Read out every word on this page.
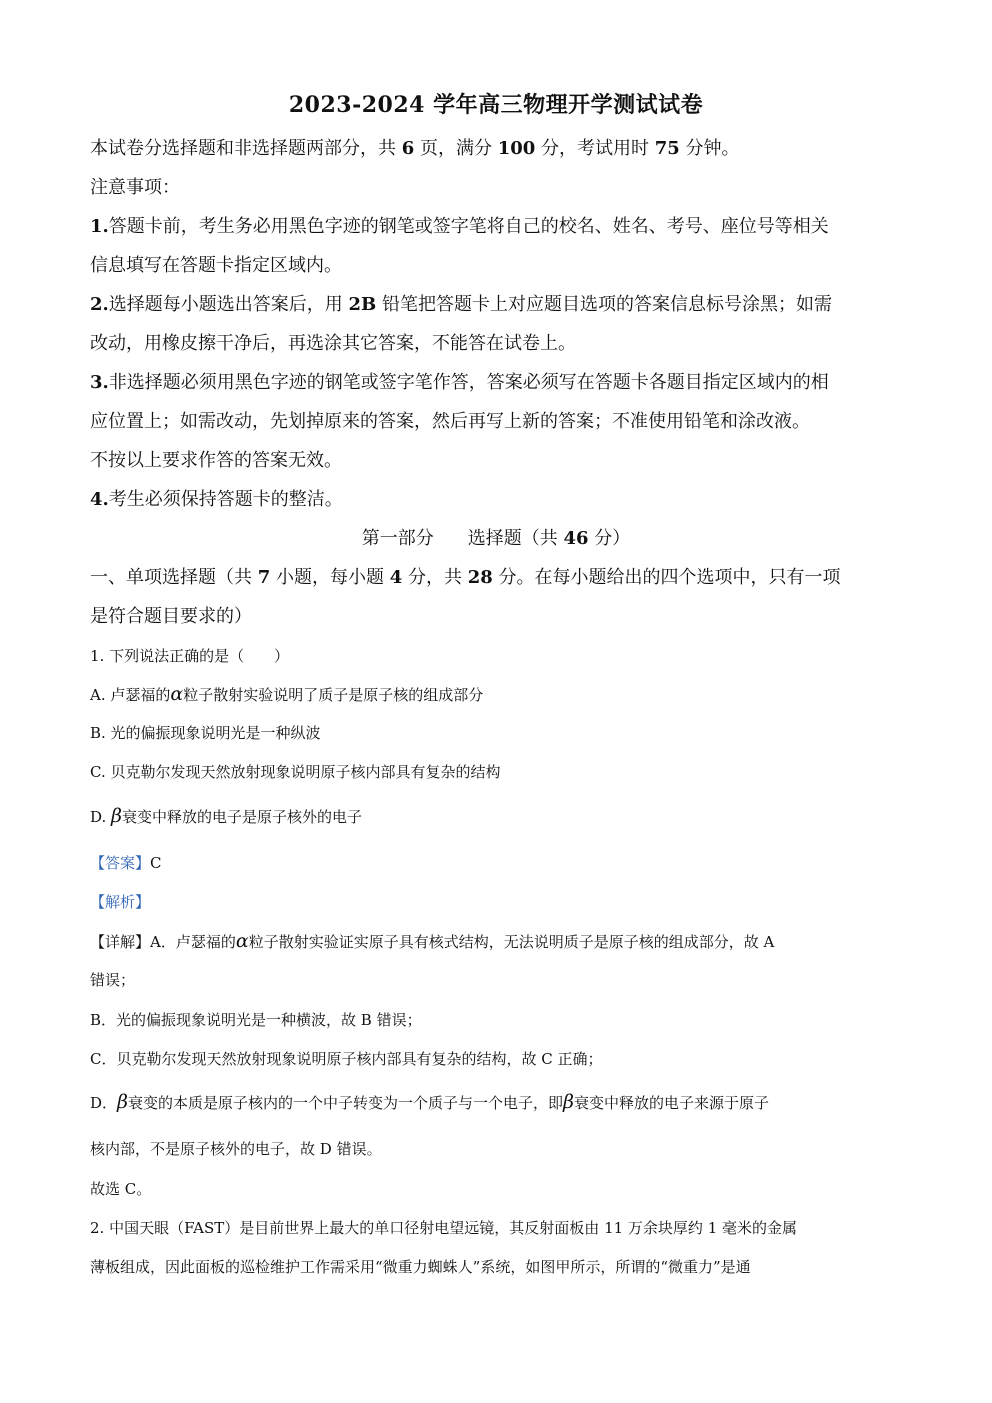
2023-2024 学年高三物理开学测试试卷
本试卷分选择题和非选择题两部分，共 6 页，满分 100 分，考试用时 75 分钟。
注意事项：
1.答题卡前，考生务必用黑色字迹的钢笔或签字笔将自己的校名、姓名、考号、座位号等相关
信息填写在答题卡指定区域内。
2.选择题每小题选出答案后，用 2B 铅笔把答题卡上对应题目选项的答案信息标号涂黑；如需
改动，用橡皮擦干净后，再选涂其它答案，不能答在试卷上。
3.非选择题必须用黑色字迹的钢笔或签字笔作答，答案必须写在答题卡各题目指定区域内的相
应位置上；如需改动，先划掉原来的答案，然后再写上新的答案；不准使用铅笔和涂改液。
不按以上要求作答的答案无效。
4.考生必须保持答题卡的整洁。
第一部分 选择题（共 46 分）
一、单项选择题（共 7 小题，每小题 4 分，共 28 分。在每小题给出的四个选项中，只有一项
是符合题目要求的）
1. 下列说法正确的是（　　）
A. 卢瑟福的α粒子散射实验说明了质子是原子核的组成部分
B. 光的偏振现象说明光是一种纵波
C. 贝克勒尔发现天然放射现象说明原子核内部具有复杂的结构
D. β衰变中释放的电子是原子核外的电子
【答案】C
【解析】
【详解】A．卢瑟福的α粒子散射实验证实原子具有核式结构，无法说明质子是原子核的组成部分，故 A
错误；
B．光的偏振现象说明光是一种横波，故 B 错误；
C．贝克勒尔发现天然放射现象说明原子核内部具有复杂的结构，故 C 正确；
D．β衰变的本质是原子核内的一个中子转变为一个质子与一个电子，即β衰变中释放的电子来源于原子
核内部，不是原子核外的电子，故 D 错误。
故选 C。
2. 中国天眼（FAST）是目前世界上最大的单口径射电望远镜，其反射面板由 11 万余块厚约 1 毫米的金属
薄板组成，因此面板的巡检维护工作需采用“微重力蜘蛛人”系统，如图甲所示，所谓的“微重力”是通
